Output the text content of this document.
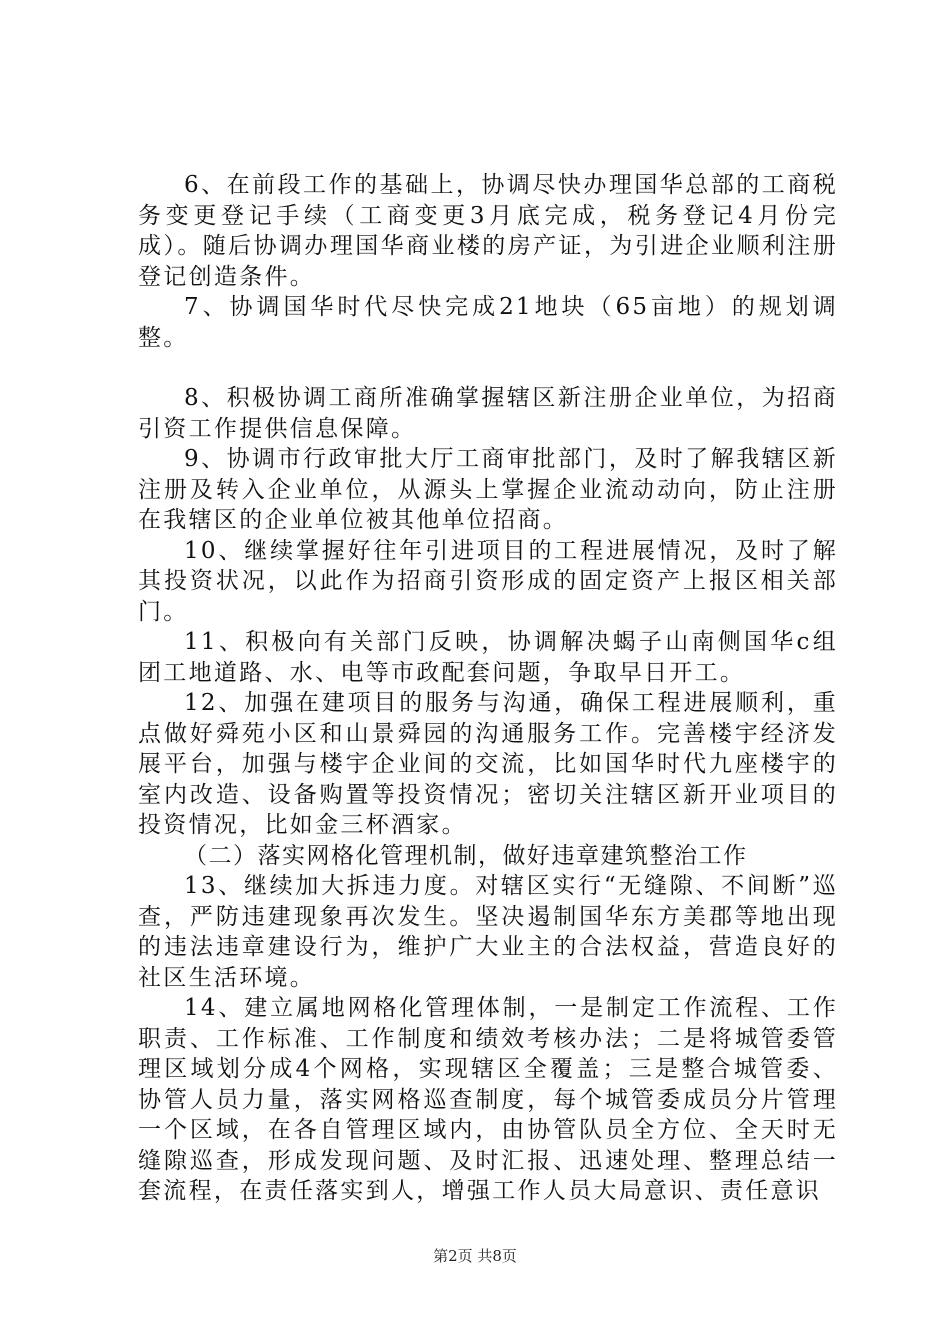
6、在前段工作的基础上，协调尽快办理国华总部的工商税务变更登记手续（工商变更3月底完成，税务登记4月份完成）。随后协调办理国华商业楼的房产证，为引进企业顺利注册登记创造条件。

7、协调国华时代尽快完成21地块（65亩地）的规划调整。

8、积极协调工商所准确掌握辖区新注册企业单位，为招商引资工作提供信息保障。

9、协调市行政审批大厅工商审批部门，及时了解我辖区新注册及转入企业单位，从源头上掌握企业流动动向，防止注册在我辖区的企业单位被其他单位招商。

10、继续掌握好往年引进项目的工程进展情况，及时了解其投资状况，以此作为招商引资形成的固定资产上报区相关部门。

11、积极向有关部门反映，协调解决蝎子山南侧国华c组团工地道路、水、电等市政配套问题，争取早日开工。

12、加强在建项目的服务与沟通，确保工程进展顺利，重点做好舜苑小区和山景舜园的沟通服务工作。完善楼宇经济发展平台，加强与楼宇企业间的交流，比如国华时代九座楼宇的室内改造、设备购置等投资情况；密切关注辖区新开业项目的投资情况，比如金三杯酒家。

（二）落实网格化管理机制，做好违章建筑整治工作

13、继续加大拆违力度。对辖区实行“无缝隙、不间断”巡查，严防违建现象再次发生。坚决遏制国华东方美郡等地出现的违法违章建设行为，维护广大业主的合法权益，营造良好的社区生活环境。

14、建立属地网格化管理体制，一是制定工作流程、工作职责、工作标准、工作制度和绩效考核办法；二是将城管委管理区域划分成4个网格，实现辖区全覆盖；三是整合城管委、协管人员力量，落实网格巡查制度，每个城管委成员分片管理一个区域，在各自管理区域内，由协管队员全方位、全天时无缝隙巡查，形成发现问题、及时汇报、迅速处理、整理总结一套流程，在责任落实到人，增强工作人员大局意识、责任意识

第2页 共8页
